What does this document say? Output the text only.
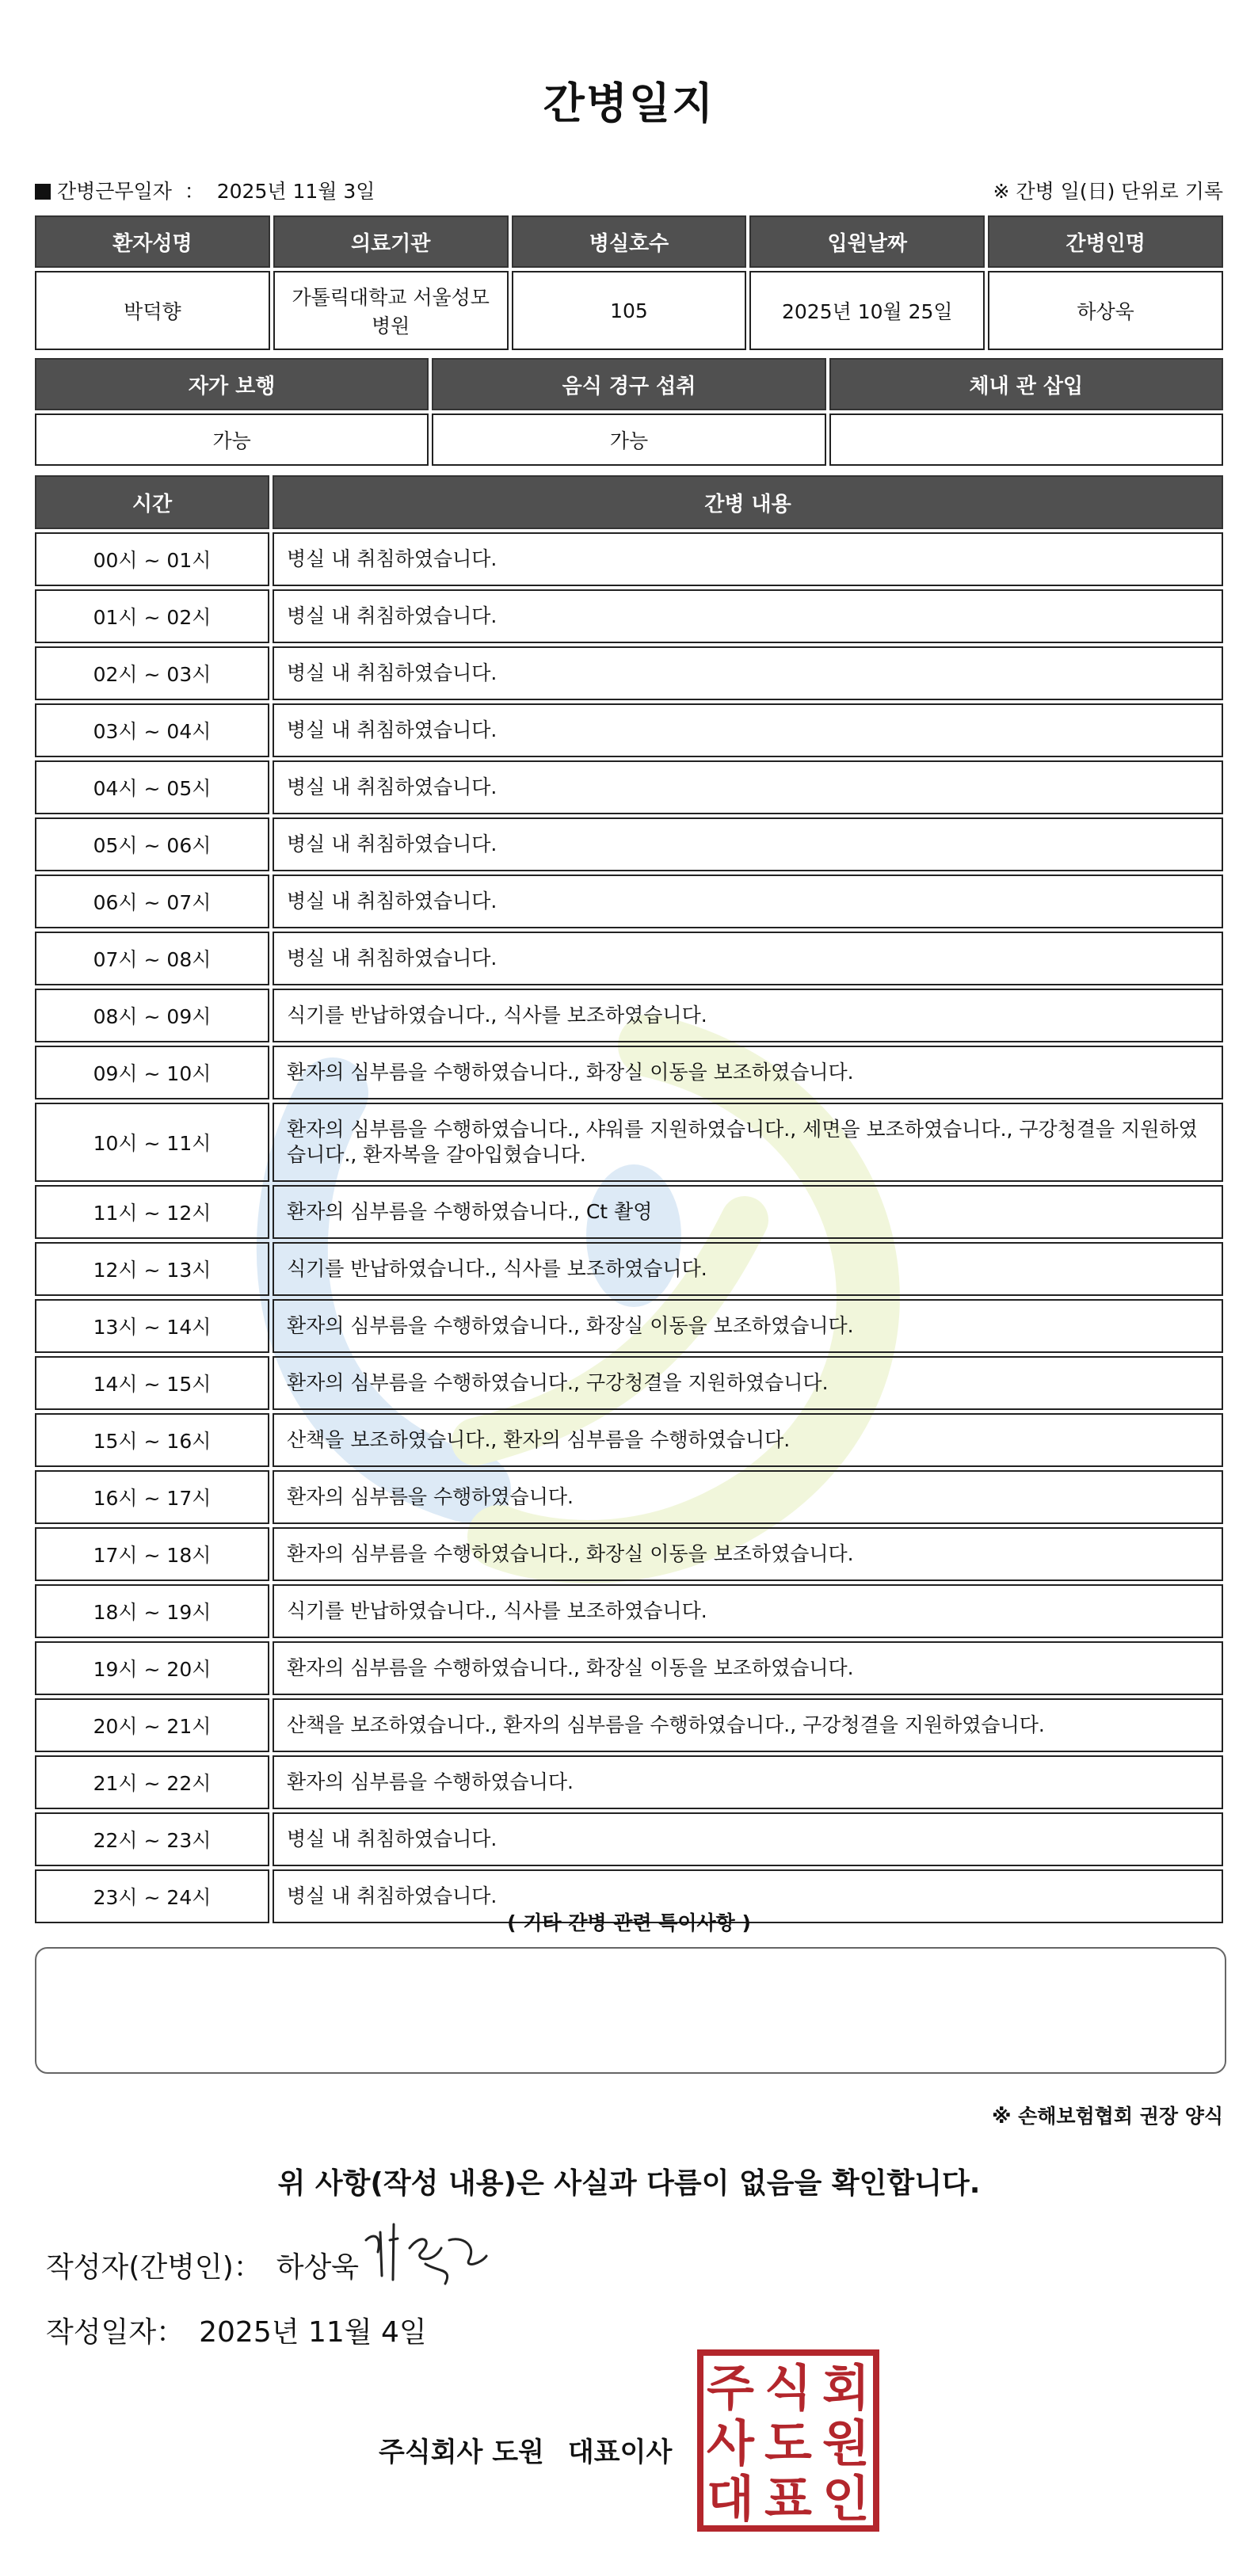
간병일지
간병근무일자 ： 2025년 11월 3일	※ 간병 일(日) 단위로 기록
환자성명	의료기관	병실호수	입원날짜	간병인명
박덕향	가톨릭대학교 서울성모병원	105	2025년 10월 25일	하상욱
자가 보행	음식 경구 섭취	체내 관 삽입
가능	가능	
시간	간병 내용
00시 ~ 01시	병실 내 취침하였습니다.
01시 ~ 02시	병실 내 취침하였습니다.
02시 ~ 03시	병실 내 취침하였습니다.
03시 ~ 04시	병실 내 취침하였습니다.
04시 ~ 05시	병실 내 취침하였습니다.
05시 ~ 06시	병실 내 취침하였습니다.
06시 ~ 07시	병실 내 취침하였습니다.
07시 ~ 08시	병실 내 취침하였습니다.
08시 ~ 09시	식기를 반납하였습니다., 식사를 보조하였습니다.
09시 ~ 10시	환자의 심부름을 수행하였습니다., 화장실 이동을 보조하였습니다.
10시 ~ 11시	환자의 심부름을 수행하였습니다., 샤워를 지원하였습니다., 세면을 보조하였습니다., 구강청결을 지원하였습니다., 환자복을 갈아입혔습니다.
11시 ~ 12시	환자의 심부름을 수행하였습니다., Ct 촬영
12시 ~ 13시	식기를 반납하였습니다., 식사를 보조하였습니다.
13시 ~ 14시	환자의 심부름을 수행하였습니다., 화장실 이동을 보조하였습니다.
14시 ~ 15시	환자의 심부름을 수행하였습니다., 구강청결을 지원하였습니다.
15시 ~ 16시	산책을 보조하였습니다., 환자의 심부름을 수행하였습니다.
16시 ~ 17시	환자의 심부름을 수행하였습니다.
17시 ~ 18시	환자의 심부름을 수행하였습니다., 화장실 이동을 보조하였습니다.
18시 ~ 19시	식기를 반납하였습니다., 식사를 보조하였습니다.
19시 ~ 20시	환자의 심부름을 수행하였습니다., 화장실 이동을 보조하였습니다.
20시 ~ 21시	산책을 보조하였습니다., 환자의 심부름을 수행하였습니다., 구강청결을 지원하였습니다.
21시 ~ 22시	환자의 심부름을 수행하였습니다.
22시 ~ 23시	병실 내 취침하였습니다.
23시 ~ 24시	병실 내 취침하였습니다.
( 기타 간병 관련 특이사항 )
※ 손해보험협회 권장 양식
위 사항(작성 내용)은 사실과 다름이 없음을 확인합니다.
작성자(간병인)： 하상욱
작성일자： 2025년 11월 4일
주식회사 도원 대표이사
주 식 회
사 도 원
대 표 인
